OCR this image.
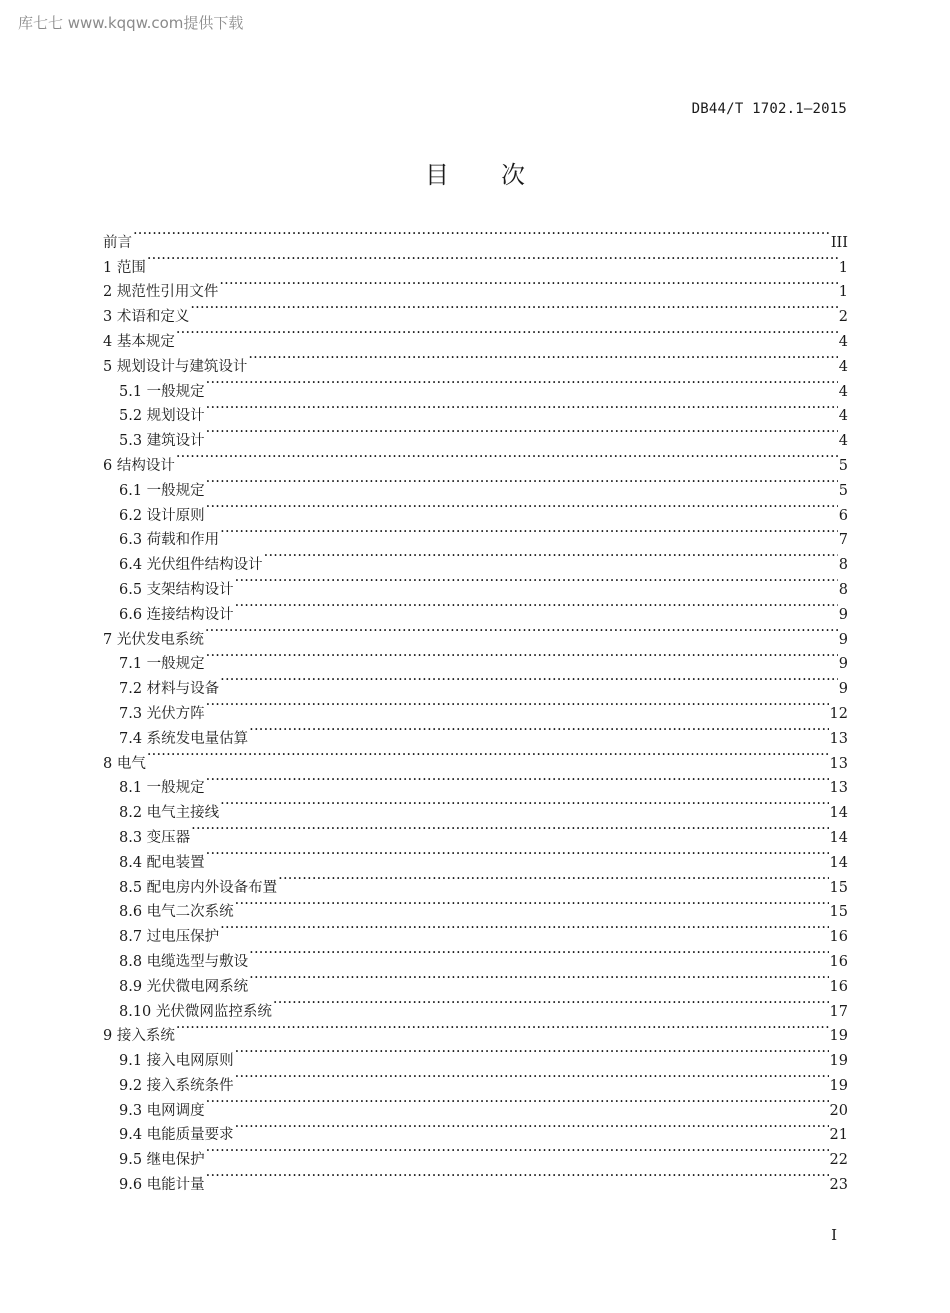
库七七 www.kqqw.com提供下载
DB44/T 1702.1—2015
目次
前言 ·····	III
1 范围 ·····	1
2 规范性引用文件 ·····	1
3 术语和定义 ·····	2
4 基本规定 ·····	4
5 规划设计与建筑设计 ·····	4
5.1 一般规定 ·····	4
5.2 规划设计 ·····	4
5.3 建筑设计 ·····	4
6 结构设计 ·····	5
6.1 一般规定 ·····	5
6.2 设计原则 ·····	6
6.3 荷载和作用 ·····	7
6.4 光伏组件结构设计 ·····	8
6.5 支架结构设计 ·····	8
6.6 连接结构设计 ·····	9
7 光伏发电系统 ·····	9
7.1 一般规定 ·····	9
7.2 材料与设备 ·····	9
7.3 光伏方阵 ·····	12
7.4 系统发电量估算 ·····	13
8 电气 ·····	13
8.1 一般规定 ·····	13
8.2 电气主接线 ·····	14
8.3 变压器 ·····	14
8.4 配电装置 ·····	14
8.5 配电房内外设备布置 ·····	15
8.6 电气二次系统 ·····	15
8.7 过电压保护 ·····	16
8.8 电缆选型与敷设 ·····	16
8.9 光伏微电网系统 ·····	16
8.10 光伏微网监控系统 ·····	17
9 接入系统 ·····	19
9.1 接入电网原则 ·····	19
9.2 接入系统条件 ·····	19
9.3 电网调度 ·····	20
9.4 电能质量要求 ·····	21
9.5 继电保护 ·····	22
9.6 电能计量 ·····	23
I
